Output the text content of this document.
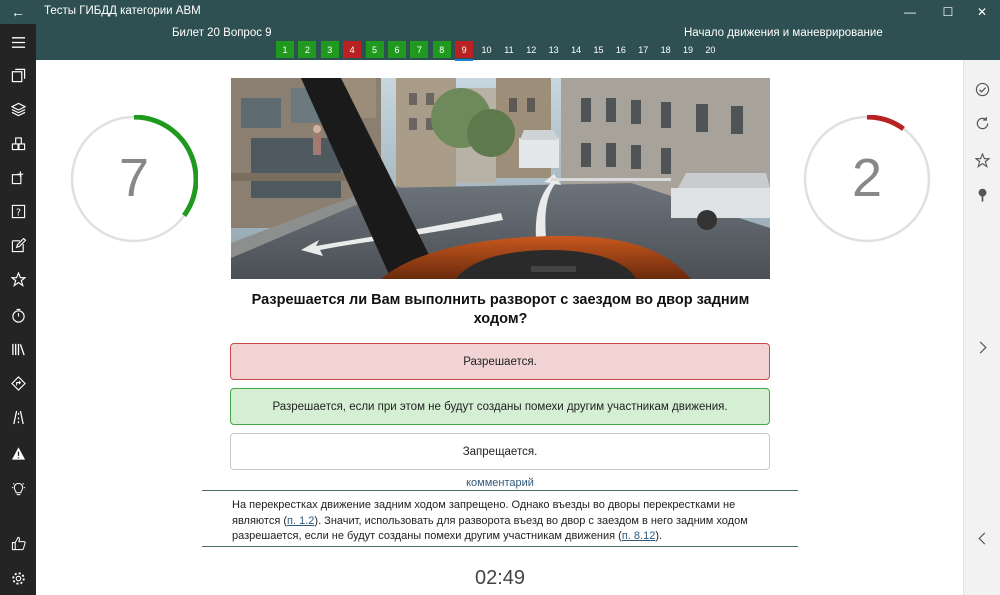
←	Тесты ГИБДД категории АВМ	—	☐	✕
Билет 20 Вопрос 9	Начало движения и маневрирование
1	2	3	4	5	6	7	8	9	10	11	12	13	14	15	16	17	18	19	20
?
7	2
Разрешается ли Вам выполнить разворот с заездом во двор задним ходом?
Разрешается.
Разрешается, если при этом не будут созданы помехи другим участникам движения.
Запрещается.
комментарий
На перекрестках движение задним ходом запрещено. Однако въезды во дворы перекрестками не являются (п. 1.2). Значит, использовать для разворота въезд во двор с заездом в него задним ходом разрешается, если не будут созданы помехи другим участникам движения (п. 8.12).
02:49
